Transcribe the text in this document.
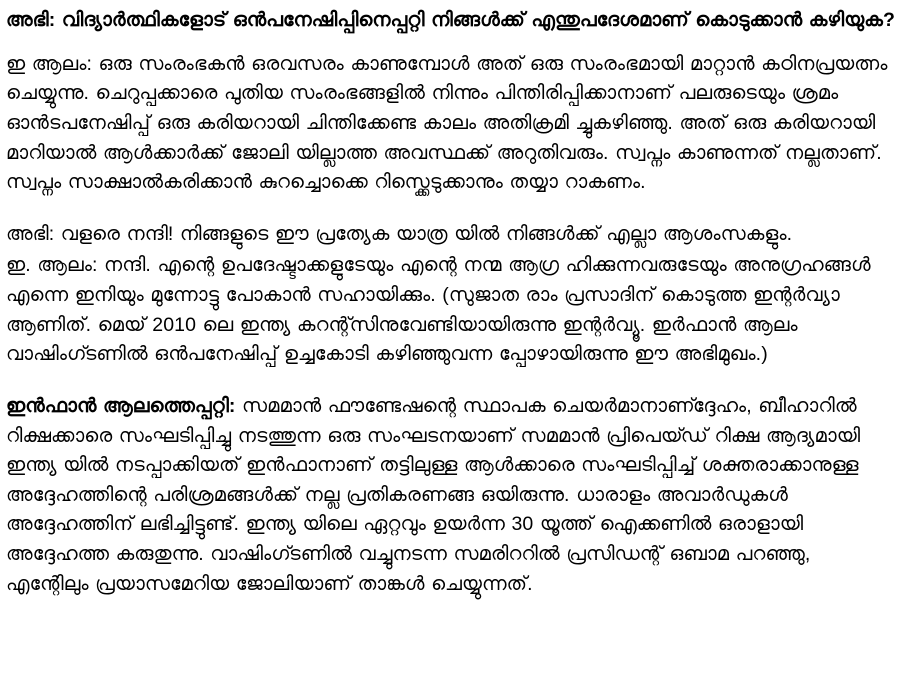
അഭി: വിദ്യാർത്ഥികളോട് ഒൻപനേഷിപ്പിനെപ്പറ്റി നിങ്ങൾക്ക് എന്തുപദേശമാണ് കൊടുക്കാൻ കഴിയുക?

ഇ ആലം: ഒരു സംരംഭകൻ ഒരവസരം കാണുമ്പോൾ അത് ഒരു സംരംഭമായി മാറ്റാൻ കഠിനപ്രയത്നം ചെയ്യുന്നു. ചെറുപ്പക്കാരെ പുതിയ സംരംഭങ്ങളിൽ നിന്നും പിന്തിരിപ്പിക്കാനാണ് പലരുടെയും ശ്രമം ഓൻടപനേഷിപ്പ് ഒരു കരിയറായി ചിന്തിക്കേണ്ട കാലം അതിക്രമി ച്ചുകഴിഞ്ഞു. അത് ഒരു കരിയറായി മാറിയാൽ ആൾക്കാർക്ക് ജോലി യില്ലാത്ത അവസ്ഥക്ക് അറുതിവരും. സ്വപ്നം കാണുന്നത് നല്ലതാണ്. സ്വപ്നം സാക്ഷാൽകരിക്കാൻ കുറച്ചൊക്കെ റിസ്ക്കെടുക്കാനും തയ്യാ റാകണം.

അഭി: വളരെ നന്ദി! നിങ്ങളുടെ ഈ പ്രത്യേക യാത്ര യിൽ നിങ്ങൾക്ക് എല്ലാ ആശംസകളും.

ഇ. ആലം: നന്ദി. എന്റെ ഉപദേഷ്ടാക്കളുടേയും എന്റെ നന്മ ആഗ്ര ഹിക്കുന്നവരുടേയും അനുഗ്രഹങ്ങൾ എന്നെ ഇനിയും മുന്നോട്ടു പോകാൻ സഹായിക്കും. (സുജാത രാം പ്രസാദിന് കൊടുത്ത ഇന്റർവ്യാ ആണിത്. മെയ് 2010 ലെ ഇന്ത്യ കറന്റ്സിനുവേണ്ടിയായിരുന്നു ഇന്റർവ്യൂ. ഇർഫാൻ ആലം വാഷിംഗ്ടണിൽ ഒൻപനേഷിപ്പ് ഉച്ചകോടി കഴിഞ്ഞുവന്ന പ്പോഴായിരുന്നു ഈ അഭിമുഖം.)

ഇൻഫാൻ ആലത്തെപ്പറ്റി: സമമാൻ ഫൗണ്ടേഷന്റെ സ്ഥാപക ചെയർമാനാണ്ദ്ദേഹം, ബീഹാറിൽ റിക്ഷക്കാരെ സംഘടിപ്പിച്ചു നടത്തുന്ന ഒരു സംഘടനയാണ് സമമാൻ പ്രിപെയ്ഡ് റിക്ഷ ആദ്യമായി ഇന്ത്യ യിൽ നടപ്പാക്കിയത് ഇൻഫാനാണ് തട്ടിലുള്ള ആൾക്കാരെ സംഘടിപ്പിച്ച് ശക്തരാക്കാനുള്ള അദ്ദേഹത്തിന്റെ പരിശ്രമങ്ങൾക്ക് നല്ല പ്രതികരണങ്ങ ഒയിരുന്നു. ധാരാളം അവാർഡുകൾ അദ്ദേഹത്തിന് ലഭിച്ചിട്ടുണ്ട്. ഇന്ത്യ യിലെ ഏറ്റവും ഉയർന്ന 30 യൂത്ത് ഐക്കണിൽ ഒരാളായി അദ്ദേഹത്ത കരുതുന്നു. വാഷിംഗ്ടണിൽ വച്ചുനടന്ന സമരിററിൽ പ്രസിഡന്റ് ഒബാമ പറഞ്ഞു, എന്റേിലും പ്രയാസമേറിയ ജോലിയാണ് താങ്കൾ ചെയ്യുന്നത്.
